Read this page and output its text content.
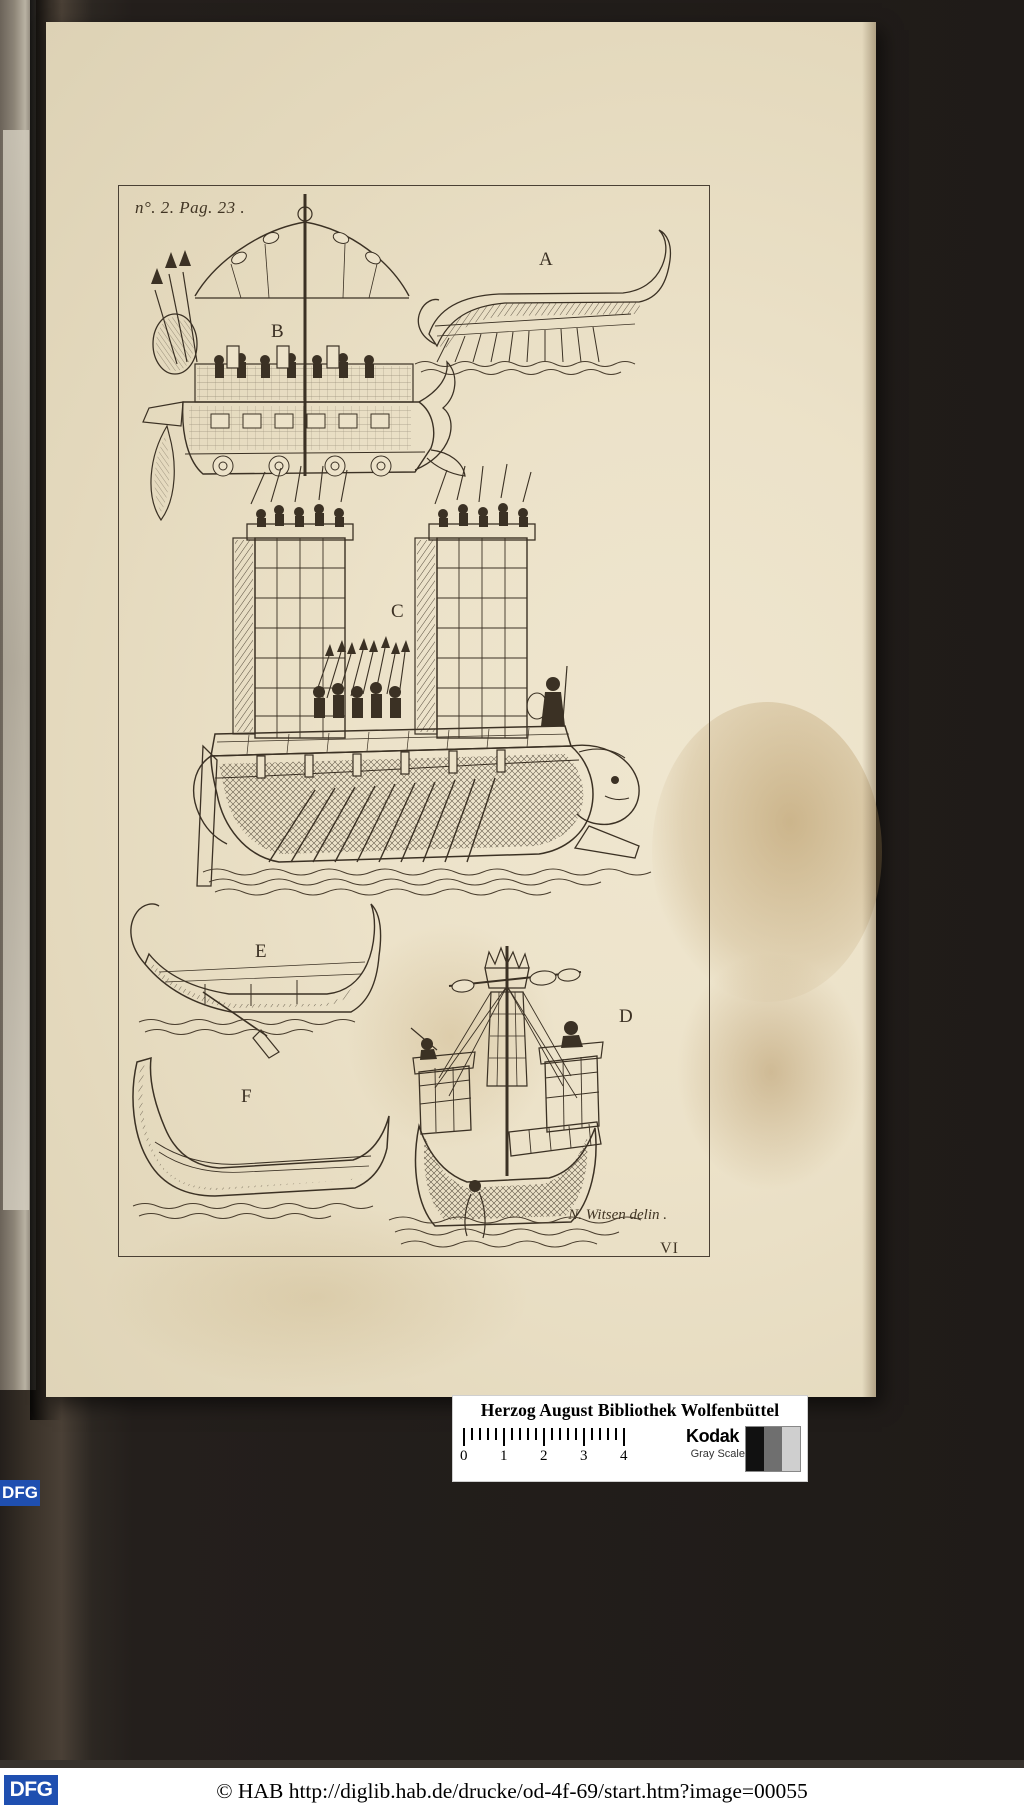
n°. 2. Pag. 23 .
A
B
C
D
E
F
N. Witsen delin .
VI
Herzog August Bibliothek Wolfenbüttel
0 1 2 3 4
Kodak
Gray Scale
DFG
© HAB http://diglib.hab.de/drucke/od-4f-69/start.htm?image=00055
DFG
